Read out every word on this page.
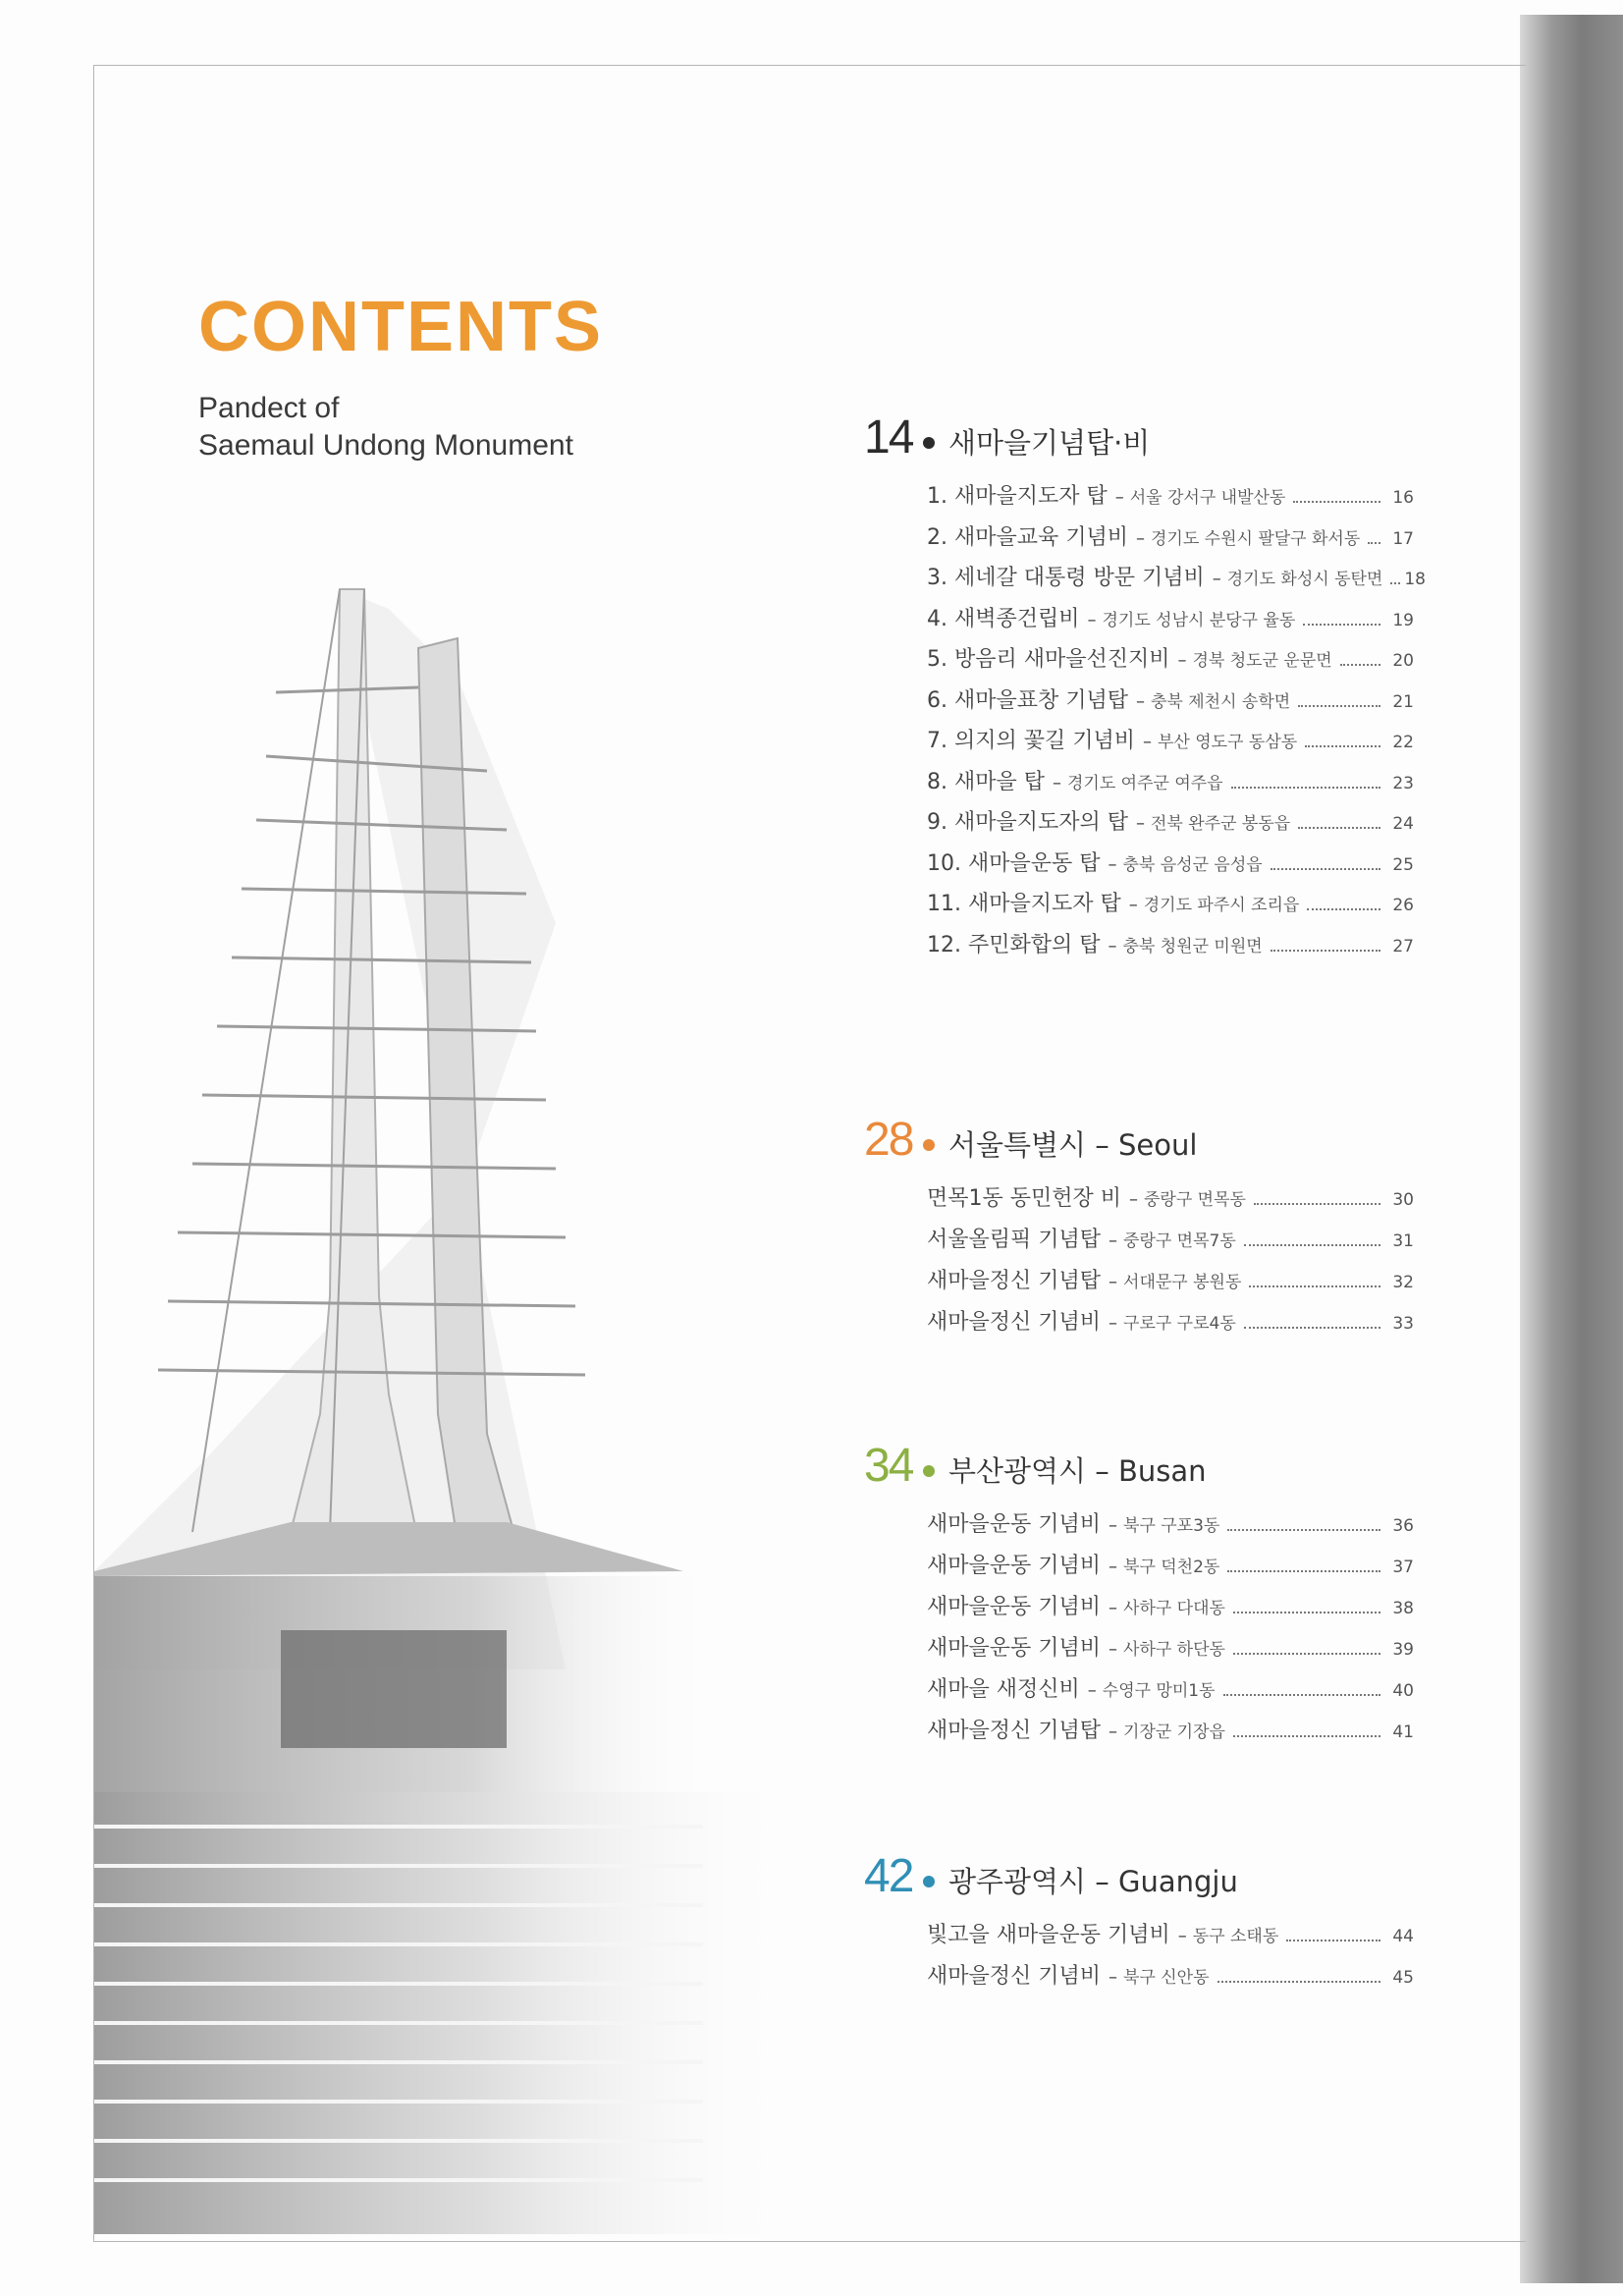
CONTENTS
Pandect of
Saemaul Undong Monument	14 새마을기념탑·비
1. 새마을지도자 탑 – 서울 강서구 내발산동	16
2. 새마을교육 기념비 – 경기도 수원시 팔달구 화서동	17
3. 세네갈 대통령 방문 기념비 – 경기도 화성시 동탄면 18
4. 새벽종건립비 – 경기도 성남시 분당구 율동	19
5. 방음리 새마을선진지비 – 경북 청도군 운문면	20
6. 새마을표창 기념탑 – 충북 제천시 송학면	21
7. 의지의 꽃길 기념비 – 부산 영도구 동삼동	22
8. 새마을 탑 – 경기도 여주군 여주읍	23
9. 새마을지도자의 탑 – 전북 완주군 봉동읍	24
10. 새마을운동 탑 – 충북 음성군 음성읍	25
11. 새마을지도자 탑 – 경기도 파주시 조리읍	26
12. 주민화합의 탑 – 충북 청원군 미원면	27
28 서울특별시 – Seoul
면목1동 동민헌장 비 – 중랑구 면목동	30
서울올림픽 기념탑 – 중랑구 면목7동	31
새마을정신 기념탑 – 서대문구 봉원동	32
새마을정신 기념비 – 구로구 구로4동	33
34 부산광역시 – Busan
새마을운동 기념비 – 북구 구포3동	36
새마을운동 기념비 – 북구 덕천2동	37
새마을운동 기념비 – 사하구 다대동	38
새마을운동 기념비 – 사하구 하단동	39
새마을 새정신비 – 수영구 망미1동	40
새마을정신 기념탑 – 기장군 기장읍	41
42 광주광역시 – Guangju
빛고을 새마을운동 기념비 – 동구 소태동	44
새마을정신 기념비 – 북구 신안동	45
